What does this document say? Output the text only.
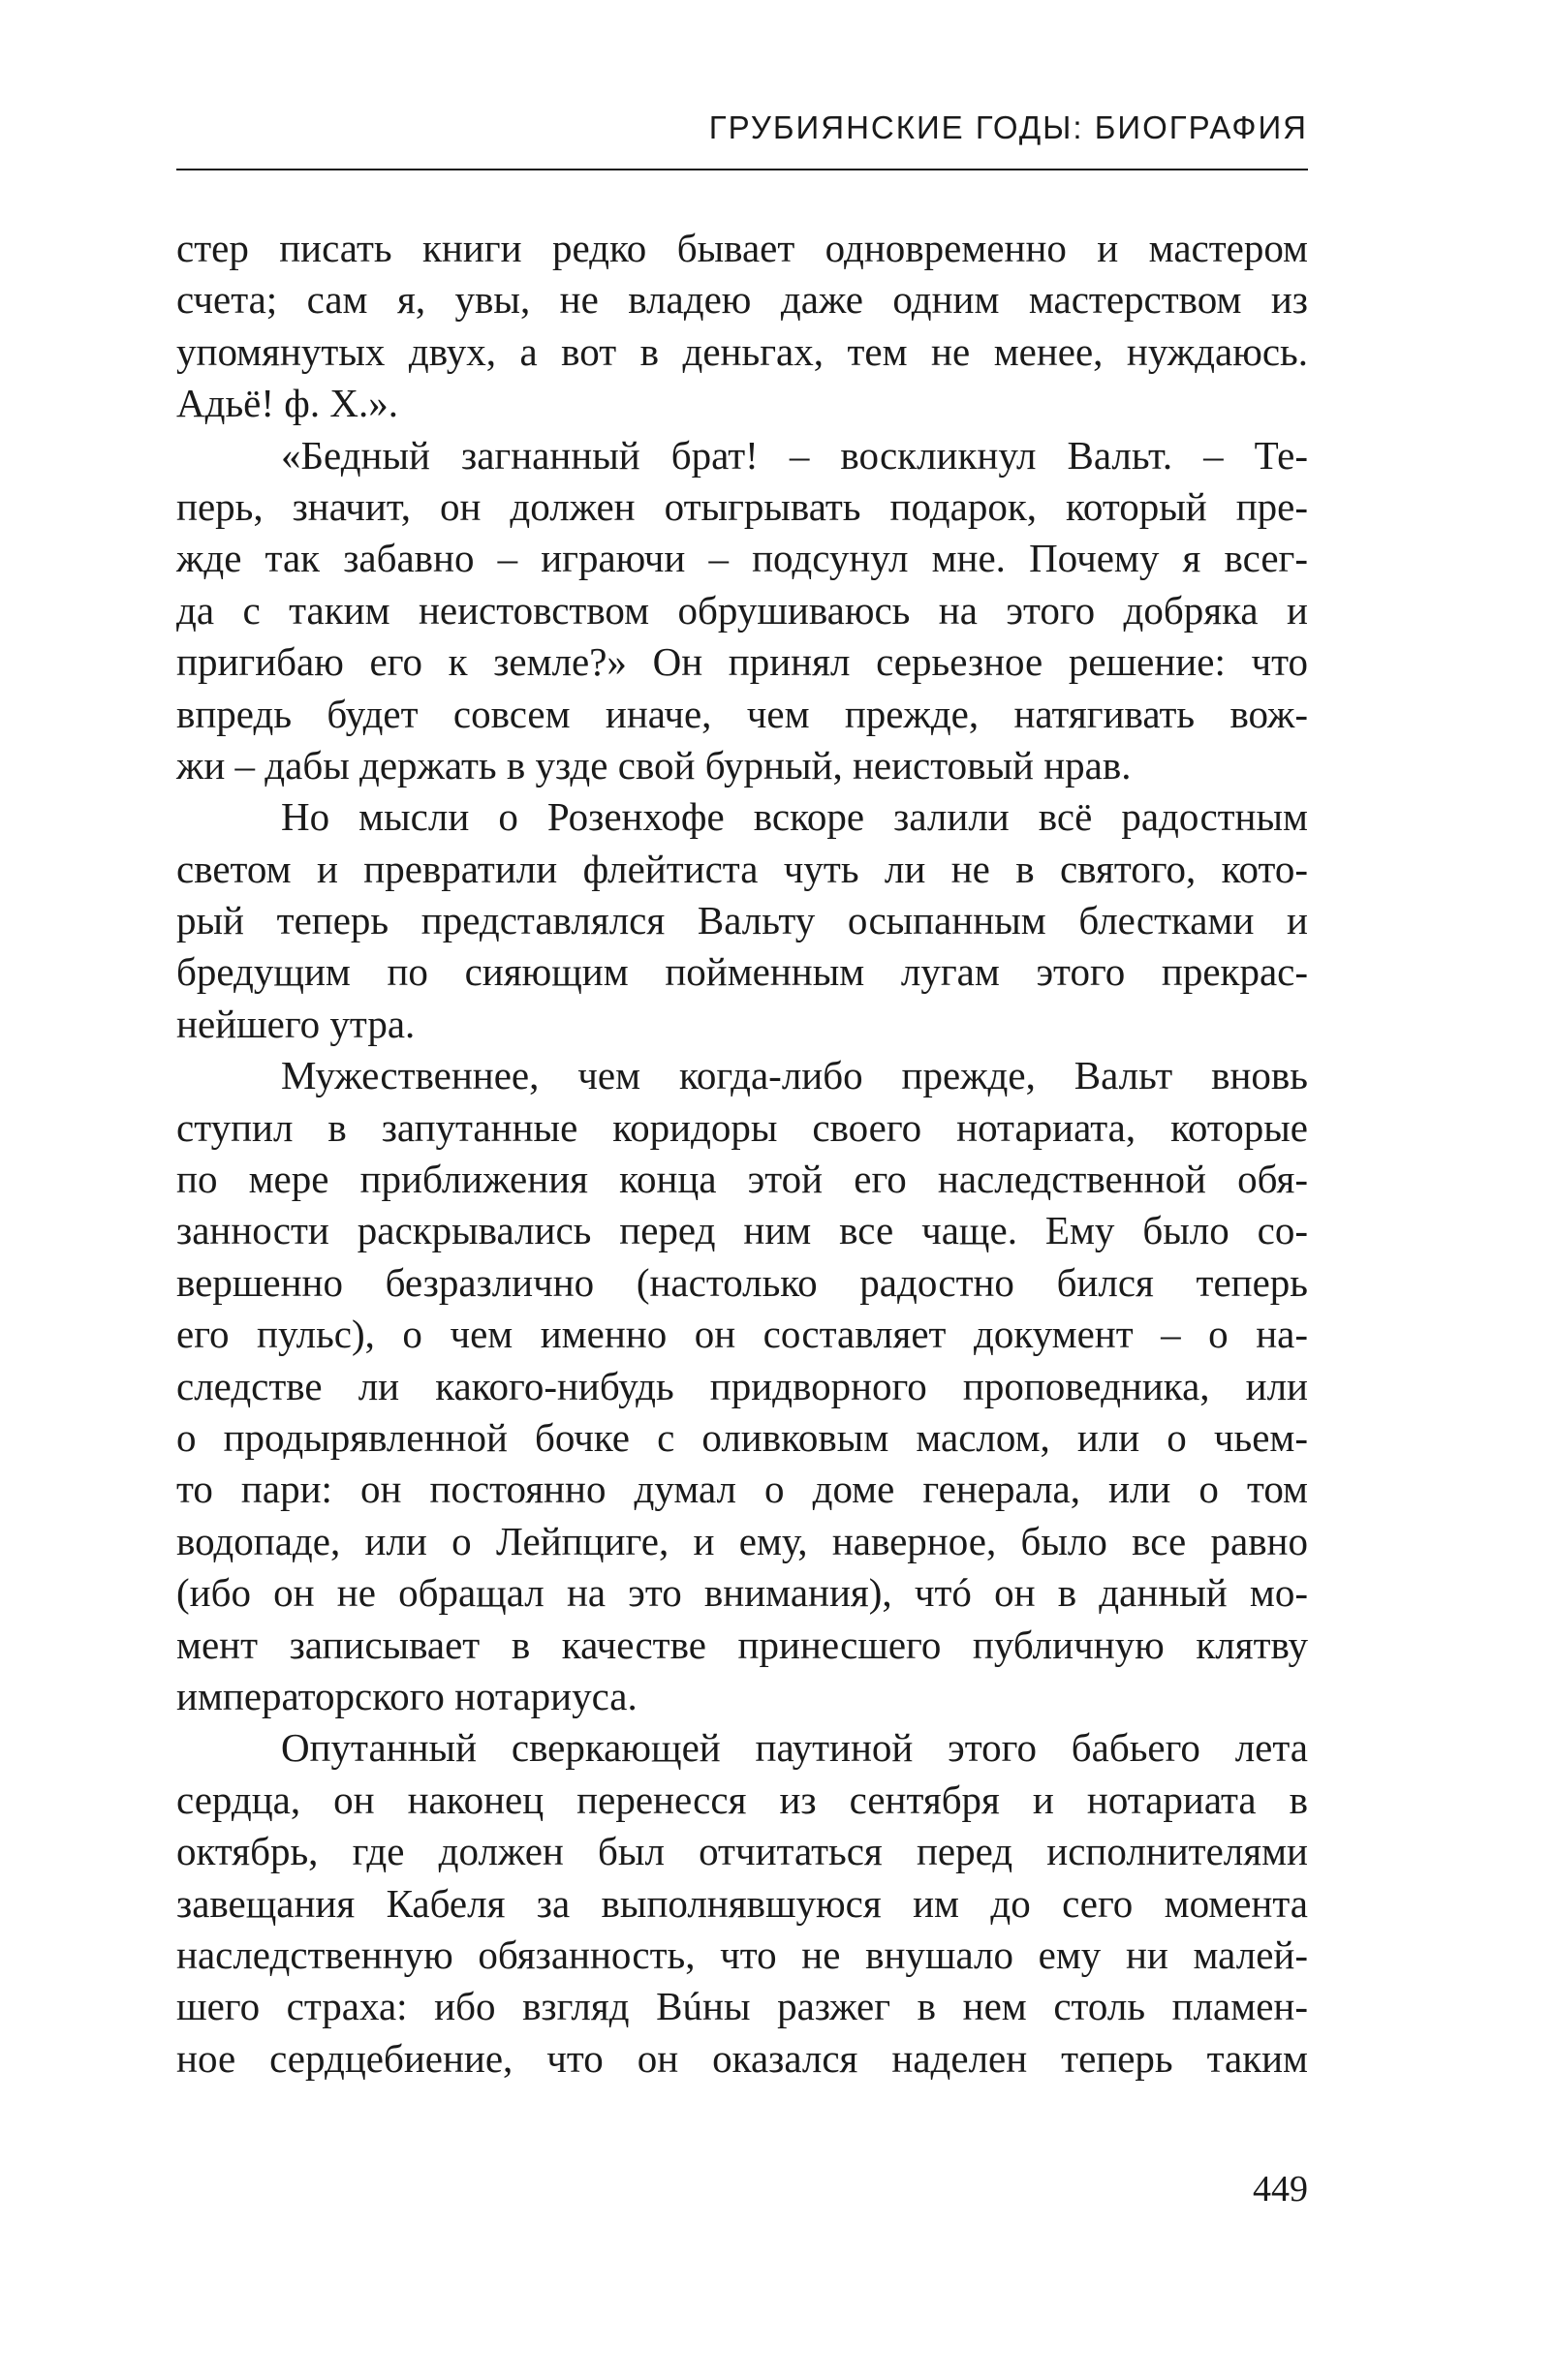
ГРУБИЯНСКИЕ ГОДЫ: БИОГРАФИЯ
стер писать книги редко бывает одновременно и мастером
счета; сам я, увы, не владею даже одним мастерством из
упомянутых двух, а вот в деньгах, тем не менее, нуждаюсь.
Адьё! ф. Х.».
«Бедный загнанный брат! – воскликнул Вальт. – Те-
перь, значит, он должен отыгрывать подарок, который пре-
жде так забавно – играючи – подсунул мне. Почему я всег-
да с таким неистовством обрушиваюсь на этого добряка и
пригибаю его к земле?» Он принял серьезное решение: что
впредь будет совсем иначе, чем прежде, натягивать вож-
жи – дабы держать в узде свой бурный, неистовый нрав.
Но мысли о Розенхофе вскоре залили всё радостным
светом и превратили флейтиста чуть ли не в святого, кото-
рый теперь представлялся Вальту осыпанным блестками и
бредущим по сияющим пойменным лугам этого прекрас-
нейшего утра.
Мужественнее, чем когда-либо прежде, Вальт вновь
ступил в запутанные коридоры своего нотариата, которые
по мере приближения конца этой его наследственной обя-
занности раскрывались перед ним все чаще. Ему было со-
вершенно безразлично (настолько радостно бился теперь
его пульс), о чем именно он составляет документ – о на-
следстве ли какого-нибудь придворного проповедника, или
о продырявленной бочке с оливковым маслом, или о чьем-
то пари: он постоянно думал о доме генерала, или о том
водопаде, или о Лейпциге, и ему, наверное, было все равно
(ибо он не обращал на это внимания), чтó он в данный мо-
мент записывает в качестве принесшего публичную клятву
императорского нотариуса.
Опутанный сверкающей паутиной этого бабьего лета
сердца, он наконец перенесся из сентября и нотариата в
октябрь, где должен был отчитаться перед исполнителями
завещания Кабеля за выполнявшуюся им до сего момента
наследственную обязанность, что не внушало ему ни малей-
шего страха: ибо взгляд Вúны разжег в нем столь пламен-
ное сердцебиение, что он оказался наделен теперь таким
449
